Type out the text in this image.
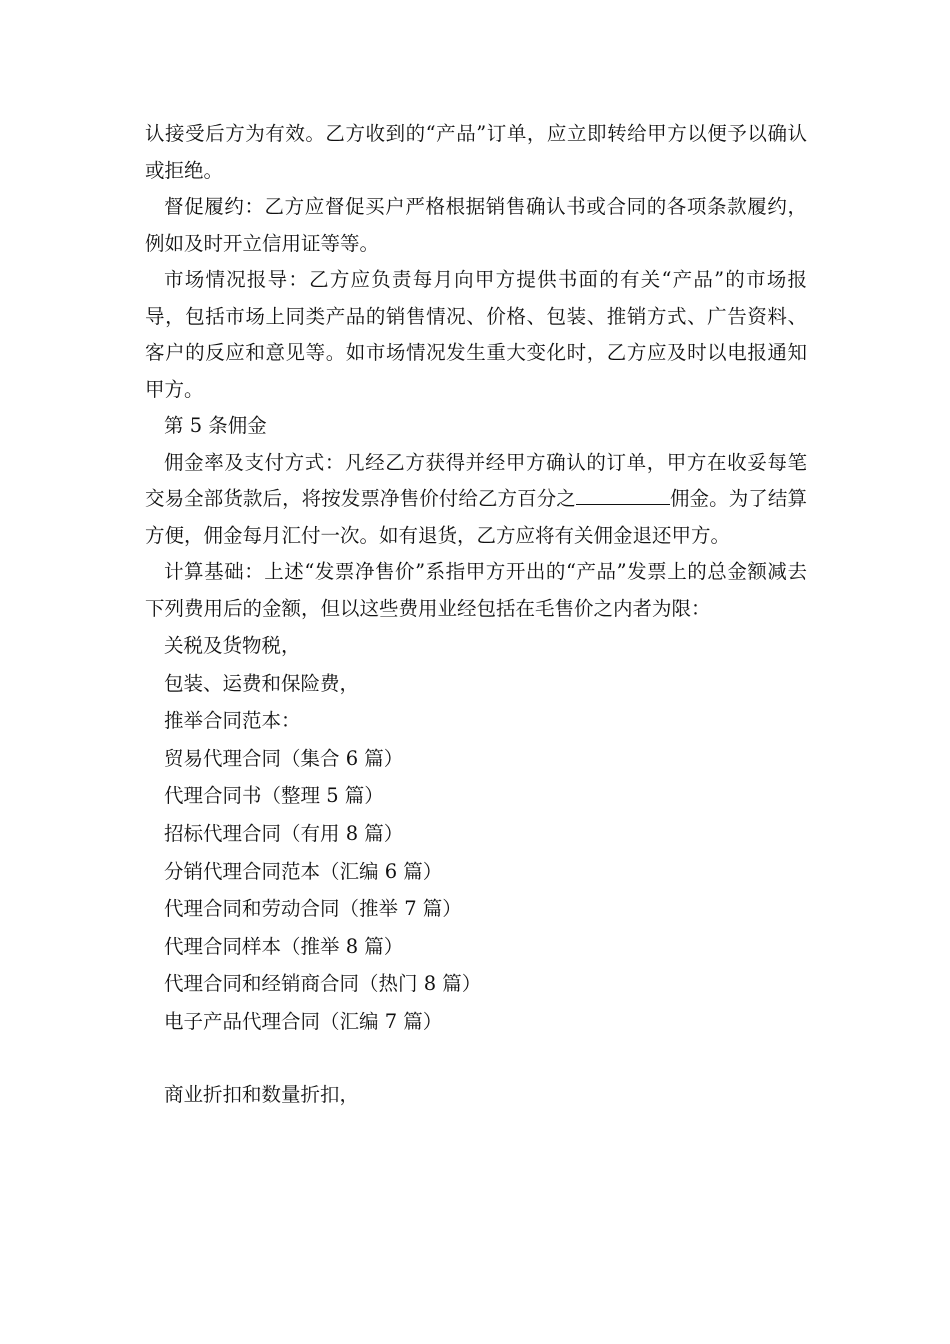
认接受后方为有效。乙方收到的“产品”订单，应立即转给甲方以便予以确认或拒绝。

督促履约：乙方应督促买户严格根据销售确认书或合同的各项条款履约，例如及时开立信用证等等。

市场情况报导：乙方应负责每月向甲方提供书面的有关“产品”的市场报导，包括市场上同类产品的销售情况、价格、包装、推销方式、广告资料、客户的反应和意见等。如市场情况发生重大变化时，乙方应及时以电报通知甲方。

第 5 条佣金

佣金率及支付方式：凡经乙方获得并经甲方确认的订单，甲方在收妥每笔交易全部货款后，将按发票净售价付给乙方百分之	佣金。为了结算方便，佣金每月汇付一次。如有退货，乙方应将有关佣金退还甲方。

计算基础：上述“发票净售价”系指甲方开出的“产品”发票上的总金额减去下列费用后的金额，但以这些费用业经包括在毛售价之内者为限：

关税及货物税，
包装、运费和保险费，
推举合同范本：
贸易代理合同（集合 6 篇）
代理合同书（整理 5 篇）
招标代理合同（有用 8 篇）
分销代理合同范本（汇编 6 篇）
代理合同和劳动合同（推举 7 篇）
代理合同样本（推举 8 篇）
代理合同和经销商合同（热门 8 篇）
电子产品代理合同（汇编 7 篇）

商业折扣和数量折扣，
